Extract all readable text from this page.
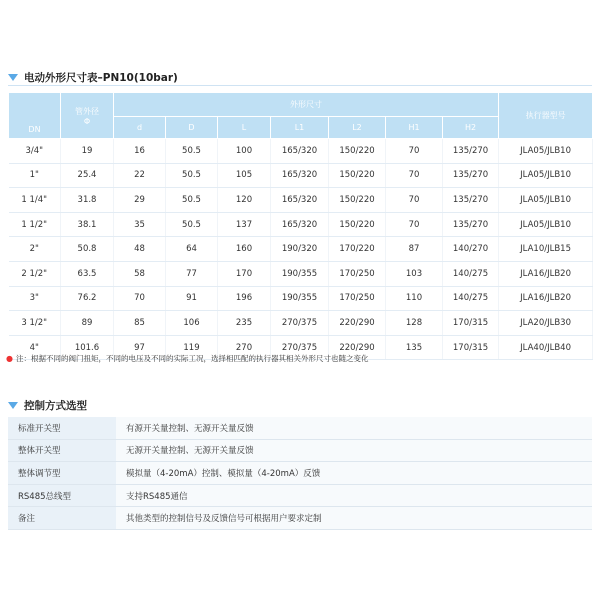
电动外形尺寸表–PN10(10bar)
DN	管外径
Φ	外形尺寸							执行器型号
		d	D	L	L1	L2	H1	H2	
3/4"	19	16	50.5	100	165/320	150/220	70	135/270	JLA05/JLB10
1"	25.4	22	50.5	105	165/320	150/220	70	135/270	JLA05/JLB10
1 1/4"	31.8	29	50.5	120	165/320	150/220	70	135/270	JLA05/JLB10
1 1/2"	38.1	35	50.5	137	165/320	150/220	70	135/270	JLA05/JLB10
2"	50.8	48	64	160	190/320	170/220	87	140/270	JLA10/JLB15
2 1/2"	63.5	58	77	170	190/355	170/250	103	140/275	JLA16/JLB20
3"	76.2	70	91	196	190/355	170/250	110	140/275	JLA16/JLB20
3 1/2"	89	85	106	235	270/375	220/290	128	170/315	JLA20/JLB30
4"	101.6	97	119	270	270/375	220/290	135	170/315	JLA40/JLB40
● 注：根据不同的阀门扭矩，不同的电压及不同的实际工况，选择相匹配的执行器其相关外形尺寸也随之变化
控制方式选型
标准开关型	有源开关量控制、无源开关量反馈
整体开关型	无源开关量控制、无源开关量反馈
整体调节型	模拟量（4-20mA）控制、模拟量（4-20mA）反馈
RS485总线型	支持RS485通信
备注	其他类型的控制信号及反馈信号可根据用户要求定制
